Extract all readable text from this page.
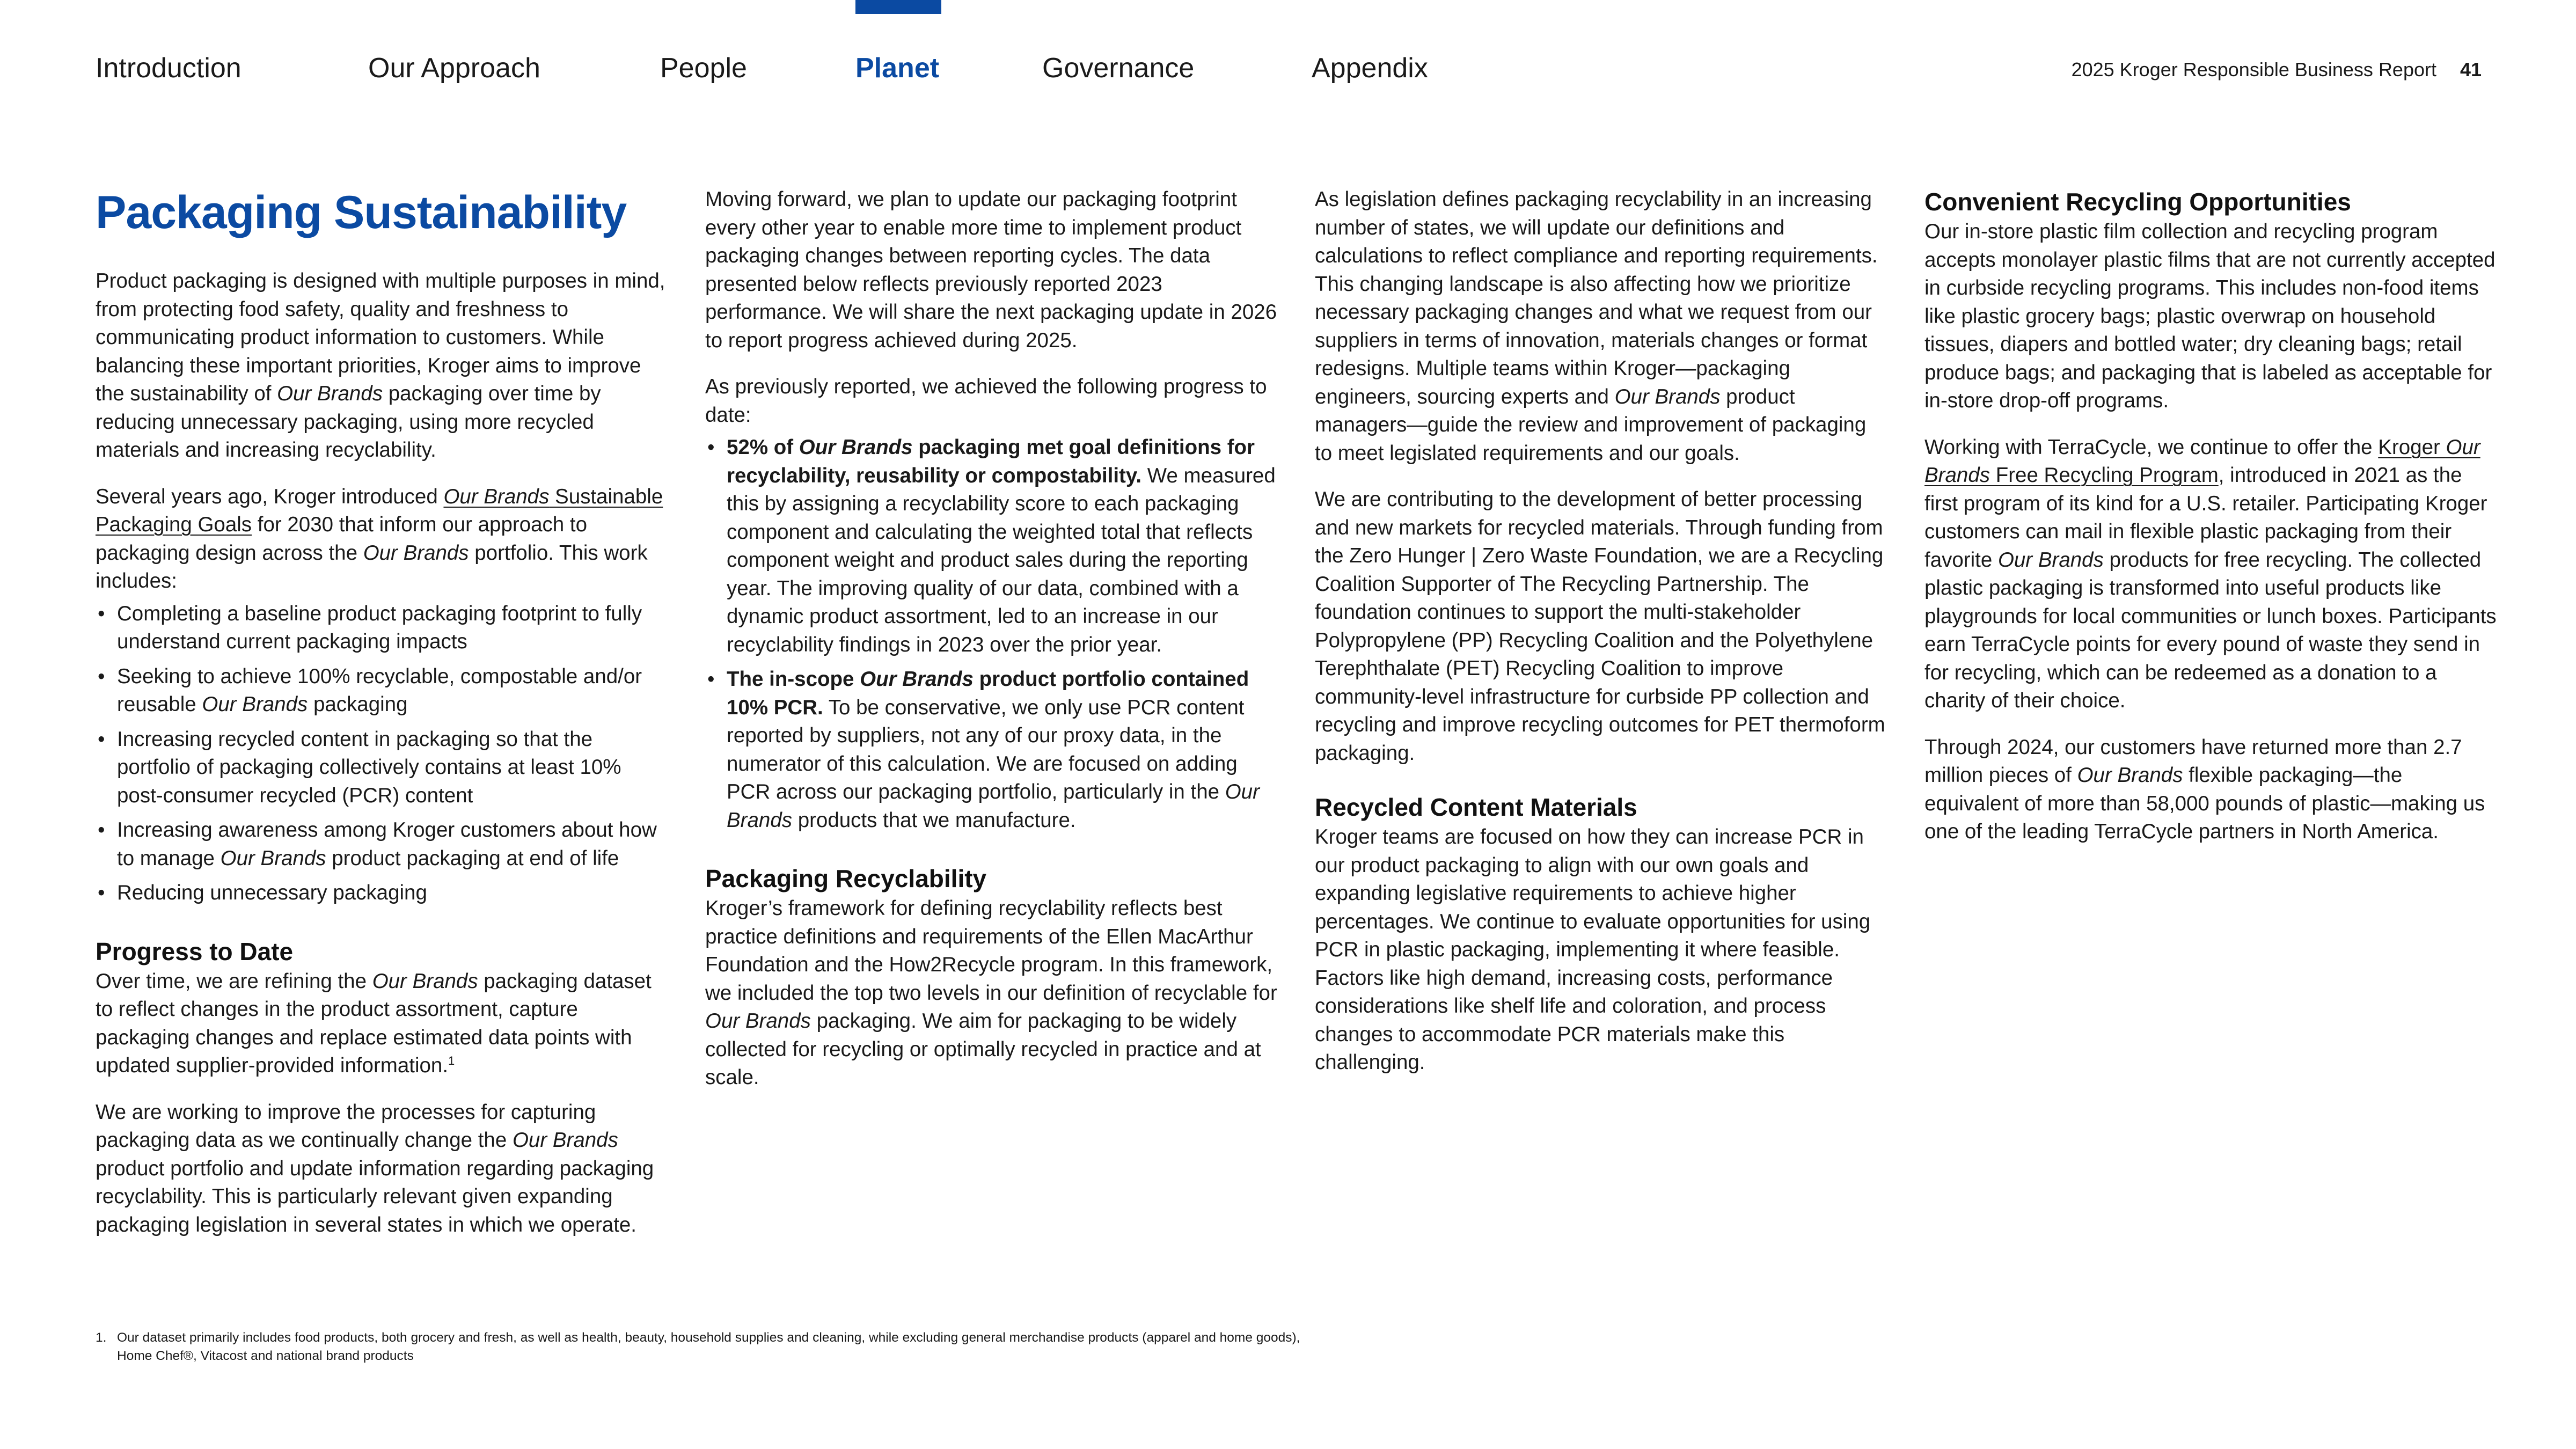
Introduction	Our Approach	People	Planet	Governance	Appendix	2025 Kroger Responsible Business Report 41
Packaging Sustainability

Product packaging is designed with multiple purposes in mind, from protecting food safety, quality and freshness to communicating product information to customers. While balancing these important priorities, Kroger aims to improve the sustainability of Our Brands packaging over time by reducing unnecessary packaging, using more recycled materials and increasing recyclability.

Several years ago, Kroger introduced Our Brands Sustainable Packaging Goals for 2030 that inform our approach to packaging design across the Our Brands portfolio. This work includes:

• Completing a baseline product packaging footprint to fully understand current packaging impacts
• Seeking to achieve 100% recyclable, compostable and/or reusable Our Brands packaging
• Increasing recycled content in packaging so that the portfolio of packaging collectively contains at least 10% post-consumer recycled (PCR) content
• Increasing awareness among Kroger customers about how to manage Our Brands product packaging at end of life
• Reducing unnecessary packaging
Progress to Date

Over time, we are refining the Our Brands packaging dataset to reflect changes in the product assortment, capture packaging changes and replace estimated data points with updated supplier-provided information.$^1$

We are working to improve the processes for capturing packaging data as we continually change the Our Brands product portfolio and update information regarding packaging recyclability. This is particularly relevant given expanding packaging legislation in several states in which we operate.

Moving forward, we plan to update our packaging footprint every other year to enable more time to implement product packaging changes between reporting cycles. The data presented below reflects previously reported 2023 performance. We will share the next packaging update in 2026 to report progress achieved during 2025.

As previously reported, we achieved the following progress to date:

• 52% of Our Brands packaging met goal definitions for recyclability, reusability or compostability. We measured this by assigning a recyclability score to each packaging component and calculating the weighted total that reflects component weight and product sales during the reporting year. The improving quality of our data, combined with a dynamic product assortment, led to an increase in our recyclability findings in 2023 over the prior year.
• The in-scope Our Brands product portfolio contained 10% PCR. To be conservative, we only use PCR content reported by suppliers, not any of our proxy data, in the numerator of this calculation. We are focused on adding PCR across our packaging portfolio, particularly in the Our Brands products that we manufacture.
Packaging Recyclability

Kroger’s framework for defining recyclability reflects best practice definitions and requirements of the Ellen MacArthur Foundation and the How2Recycle program. In this framework, we included the top two levels in our definition of recyclable for Our Brands packaging. We aim for packaging to be widely collected for recycling or optimally recycled in practice and at scale.

As legislation defines packaging recyclability in an increasing number of states, we will update our definitions and calculations to reflect compliance and reporting requirements. This changing landscape is also affecting how we prioritize necessary packaging changes and what we request from our suppliers in terms of innovation, materials changes or format redesigns. Multiple teams within Kroger—packaging engineers, sourcing experts and Our Brands product managers—guide the review and improvement of packaging to meet legislated requirements and our goals.

We are contributing to the development of better processing and new markets for recycled materials. Through funding from the Zero Hunger | Zero Waste Foundation, we are a Recycling Coalition Supporter of The Recycling Partnership. The foundation continues to support the multi-stakeholder Polypropylene (PP) Recycling Coalition and the Polyethylene Terephthalate (PET) Recycling Coalition to improve community-level infrastructure for curbside PP collection and recycling and improve recycling outcomes for PET thermoform packaging.

Recycled Content Materials

Kroger teams are focused on how they can increase PCR in our product packaging to align with our own goals and expanding legislative requirements to achieve higher percentages. We continue to evaluate opportunities for using PCR in plastic packaging, implementing it where feasible. Factors like high demand, increasing costs, performance considerations like shelf life and coloration, and process changes to accommodate PCR materials make this challenging.

Convenient Recycling Opportunities

Our in-store plastic film collection and recycling program accepts monolayer plastic films that are not currently accepted in curbside recycling programs. This includes non-food items like plastic grocery bags; plastic overwrap on household tissues, diapers and bottled water; dry cleaning bags; retail produce bags; and packaging that is labeled as acceptable for in-store drop-off programs.

Working with TerraCycle, we continue to offer the Kroger Our Brands Free Recycling Program, introduced in 2021 as the first program of its kind for a U.S. retailer. Participating Kroger customers can mail in flexible plastic packaging from their favorite Our Brands products for free recycling. The collected plastic packaging is transformed into useful products like playgrounds for local communities or lunch boxes. Participants earn TerraCycle points for every pound of waste they send in for recycling, which can be redeemed as a donation to a charity of their choice.

Through 2024, our customers have returned more than 2.7 million pieces of Our Brands flexible packaging—the equivalent of more than 58,000 pounds of plastic—making us one of the leading TerraCycle partners in North America.

1. Our dataset primarily includes food products, both grocery and fresh, as well as health, beauty, household supplies and cleaning, while excluding general merchandise products (apparel and home goods), Home Chef®, Vitacost and national brand products
